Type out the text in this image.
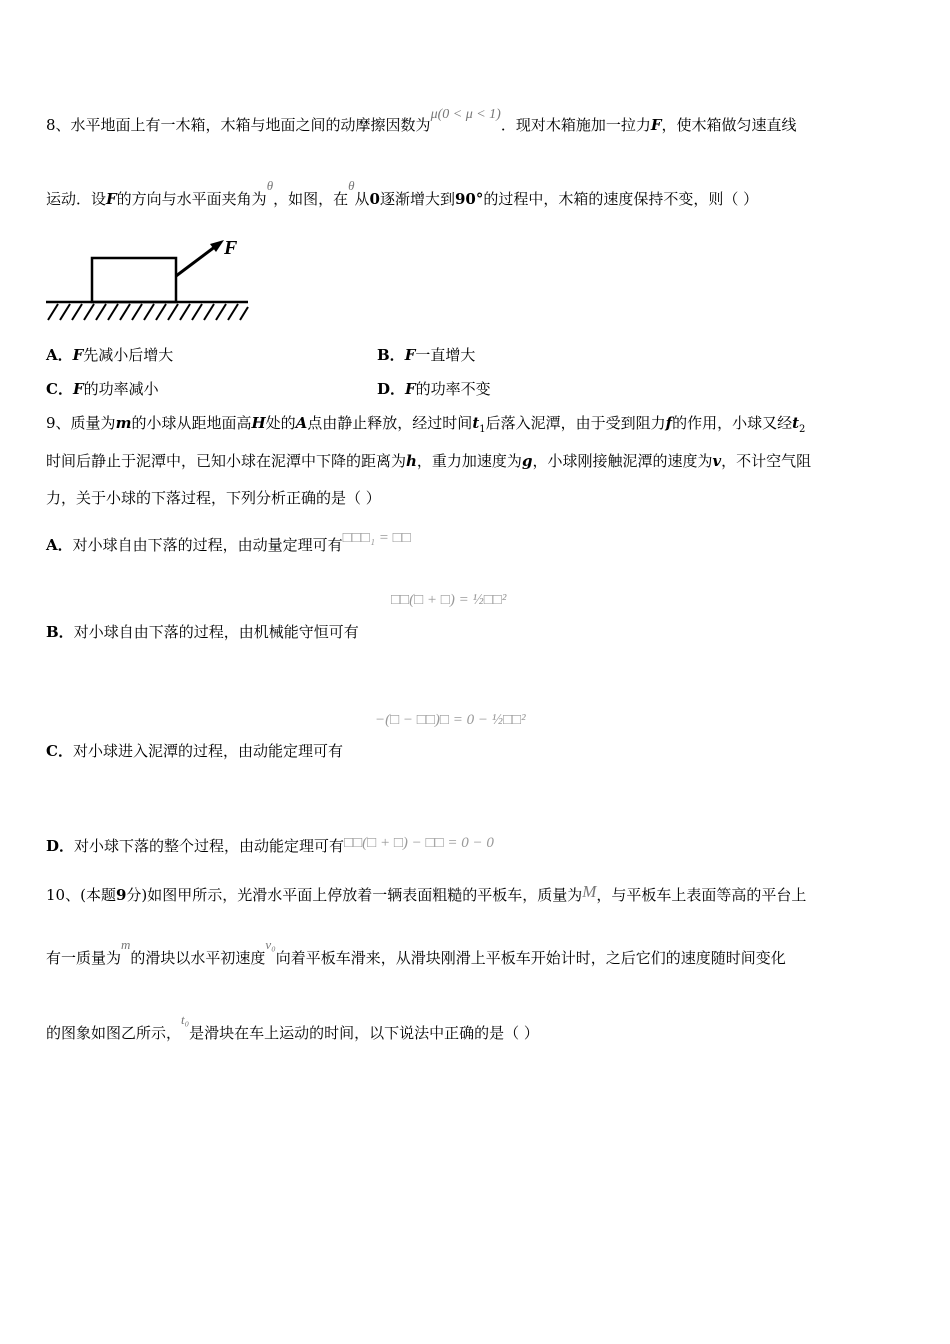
8、水平地面上有一木箱，木箱与地面之间的动摩擦因数为μ(0 < μ < 1)．现对木箱施加一拉力F，使木箱做匀速直线
运动．设F的方向与水平面夹角为θ，如图，在θ从0逐渐增大到90°的过程中，木箱的速度保持不变，则（ ）
F
A．F先减小后增大	B．F一直增大
C．F的功率减小	D．F的功率不变
9、质量为m的小球从距地面高H处的A点由静止释放，经过时间$t_1$后落入泥潭，由于受到阻力f的作用，小球又经$t_2$
时间后静止于泥潭中，已知小球在泥潭中下降的距离为h，重力加速度为g，小球刚接触泥潭的速度为v，不计空气阻
力，关于小球的下落过程，下列分析正确的是（ ）
A．对小球自由下落的过程，由动量定理可有□□□₁ = □□
□□(□ + □) = ½□□²
B．对小球自由下落的过程，由机械能守恒可有
−(□ − □□)□ = 0 − ½□□²
C．对小球进入泥潭的过程，由动能定理可有
D．对小球下落的整个过程，由动能定理可有□□(□ + □) − □□ = 0 − 0
10、(本题9分)如图甲所示，光滑水平面上停放着一辆表面粗糙的平板车，质量为M，与平板车上表面等高的平台上
有一质量为m的滑块以水平初速度v₀向着平板车滑来，从滑块刚滑上平板车开始计时，之后它们的速度随时间变化
的图象如图乙所示，t₀是滑块在车上运动的时间，以下说法中正确的是（ ）
